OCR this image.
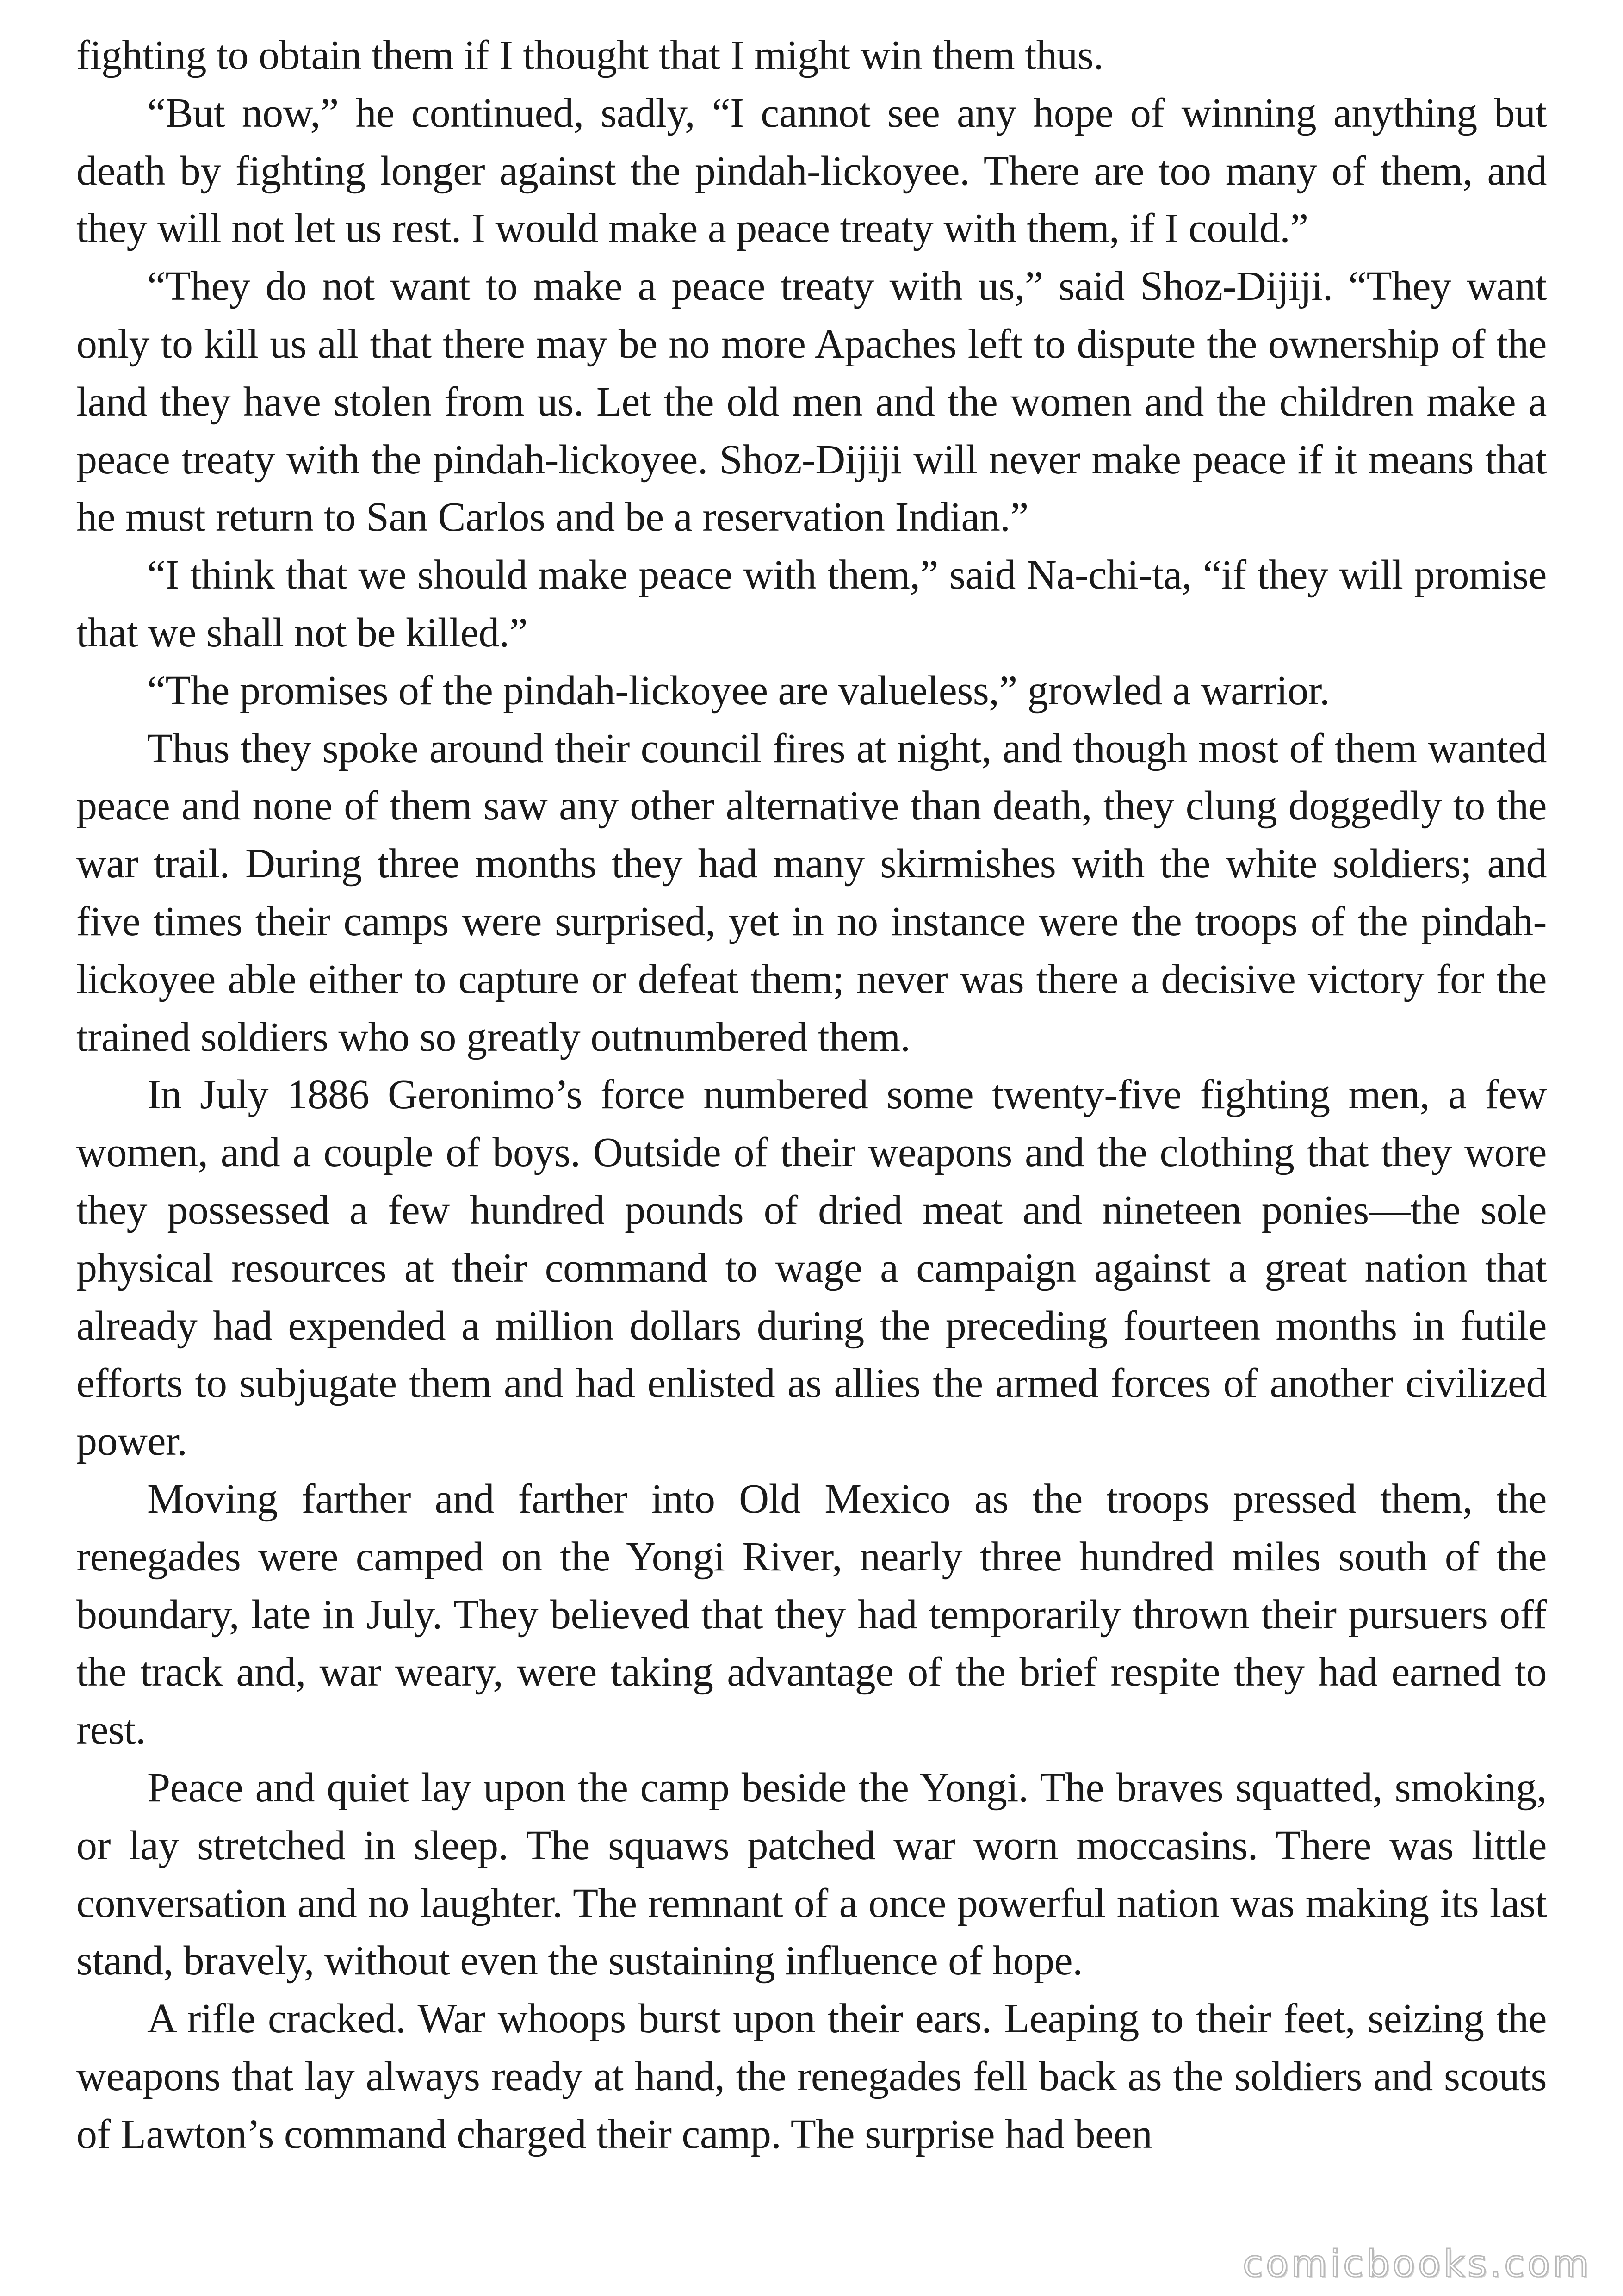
fighting to obtain them if I thought that I might win them thus.

“But now,” he continued, sadly, “I cannot see any hope of winning anything but death by fighting longer against the pindah-lickoyee. There are too many of them, and they will not let us rest. I would make a peace treaty with them, if I could.”

“They do not want to make a peace treaty with us,” said Shoz-Dijiji. “They want only to kill us all that there may be no more Apaches left to dispute the ownership of the land they have stolen from us. Let the old men and the women and the children make a peace treaty with the pindah-lickoyee. Shoz-Dijiji will never make peace if it means that he must return to San Carlos and be a reservation Indian.”

“I think that we should make peace with them,” said Na-chi-ta, “if they will promise that we shall not be killed.”

“The promises of the pindah-lickoyee are valueless,” growled a warrior.

Thus they spoke around their council fires at night, and though most of them wanted peace and none of them saw any other alternative than death, they clung doggedly to the war trail. During three months they had many skirmishes with the white soldiers; and five times their camps were surprised, yet in no instance were the troops of the pindah-lickoyee able either to capture or defeat them; never was there a decisive victory for the trained soldiers who so greatly outnumbered them.

In July 1886 Geronimo’s force numbered some twenty-five fighting men, a few women, and a couple of boys. Outside of their weapons and the clothing that they wore they possessed a few hundred pounds of dried meat and nineteen ponies—the sole physical resources at their command to wage a campaign against a great nation that already had expended a million dollars during the preceding fourteen months in futile efforts to subjugate them and had enlisted as allies the armed forces of another civilized power.

Moving farther and farther into Old Mexico as the troops pressed them, the renegades were camped on the Yongi River, nearly three hundred miles south of the boundary, late in July. They believed that they had temporarily thrown their pursuers off the track and, war weary, were taking advantage of the brief respite they had earned to rest.

Peace and quiet lay upon the camp beside the Yongi. The braves squatted, smoking, or lay stretched in sleep. The squaws patched war worn moccasins. There was little conversation and no laughter. The remnant of a once powerful nation was making its last stand, bravely, without even the sustaining influence of hope.

A rifle cracked. War whoops burst upon their ears. Leaping to their feet, seizing the weapons that lay always ready at hand, the renegades fell back as the soldiers and scouts of Lawton’s command charged their camp. The surprise had been

comicbooks.com
